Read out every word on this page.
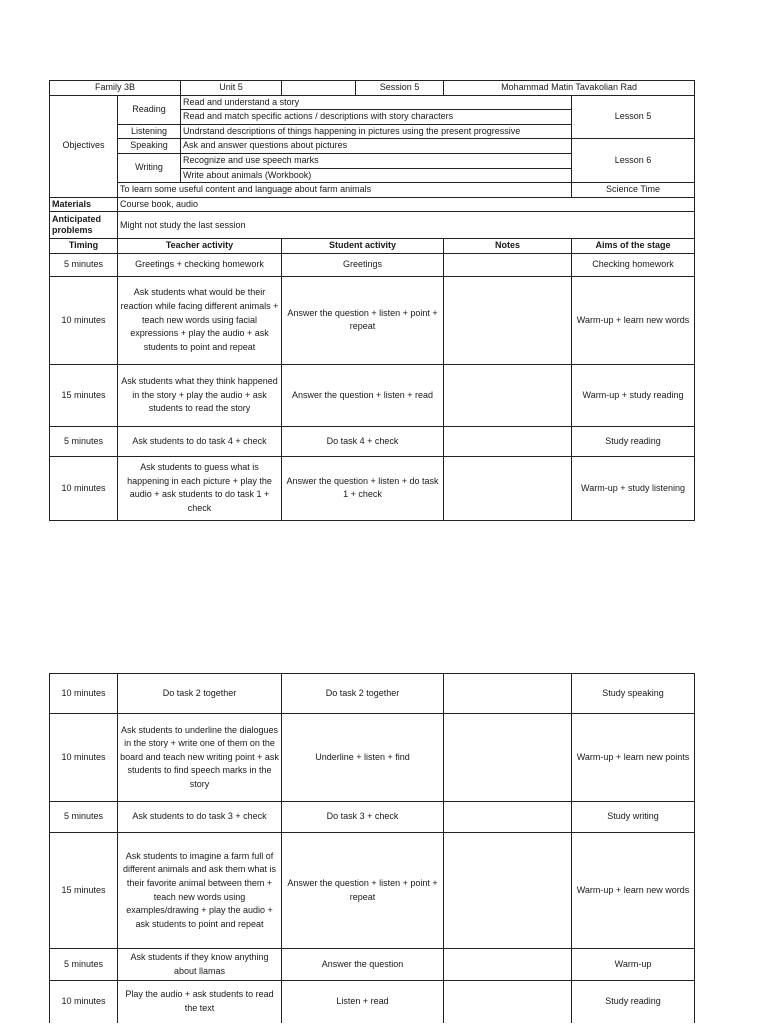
Family 3B		Unit 5		Session 5	Mohammad Matin Tavakolian Rad	
Objectives	Reading	Read and understand a story				Lesson 5
		Read and match specific actions / descriptions with story characters				
	Listening	Undrstand descriptions of things happening in pictures using the present progressive				
	Speaking	Ask and answer questions about pictures				Lesson 6
	Writing	Recognize and use speech marks				
		Write about animals (Workbook)				
	To learn some useful content and language about farm animals					Science Time
Materials	Course book, audio					
Anticipated problems	Might not study the last session					
Timing	Teacher activity		Student activity		Notes	Aims of the stage
5 minutes	Greetings + checking homework		Greetings			Checking homework
10 minutes	Ask students what would be their reaction while facing different animals + teach new words using facial expressions + play the audio + ask students to point and repeat		Answer the question + listen + point + repeat			Warm-up + learn new words
15 minutes	Ask students what they think happened in the story + play the audio + ask students to read the story		Answer the question + listen + read			Warm-up + study reading
5 minutes	Ask students to do task 4 + check		Do task 4 + check			Study reading
10 minutes	Ask students to guess what is happening in each picture + play the audio + ask students to do task 1 + check		Answer the question + listen + do task 1 + check			Warm-up + study listening
10 minutes	Do task 2 together	Do task 2 together		Study speaking
10 minutes	Ask students to underline the dialogues in the story + write one of them on the board and teach new writing point + ask students to find speech marks in the story	Underline + listen + find		Warm-up + learn new points
5 minutes	Ask students to do task 3 + check	Do task 3 + check		Study writing
15 minutes	Ask students to imagine a farm full of different animals and ask them what is their favorite animal between them + teach new words using examples/drawing + play the audio + ask students to point and repeat	Answer the question + listen + point + repeat		Warm-up + learn new words
5 minutes	Ask students if they know anything about llamas	Answer the question		Warm-up
10 minutes	Play the audio + ask students to read the text	Listen + read		Study reading
